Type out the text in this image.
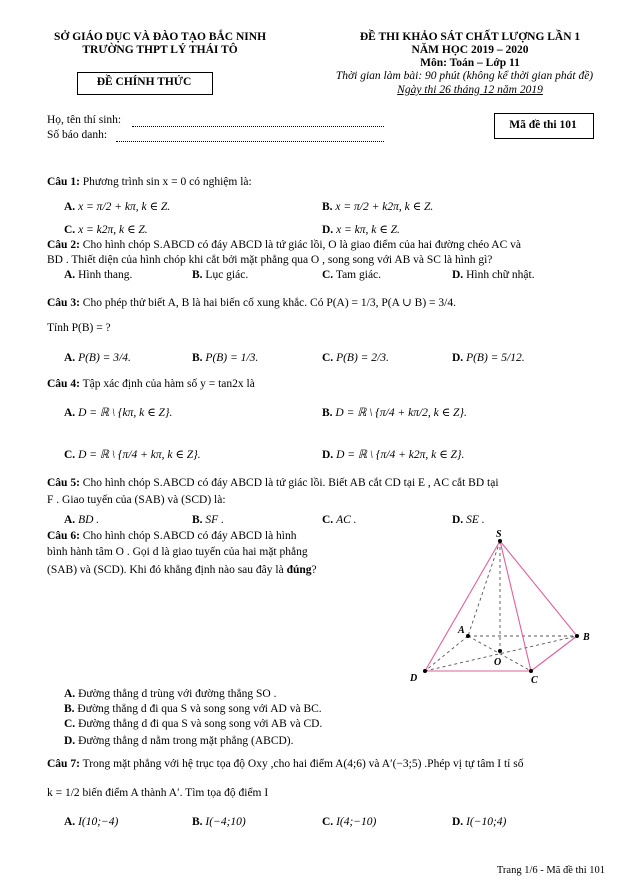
SỞ GIÁO DỤC VÀ ĐÀO TẠO BẮC NINH
TRƯỜNG THPT LÝ THÁI TÔ
ĐỀ CHÍNH THỨC
ĐỀ THI KHẢO SÁT CHẤT LƯỢNG LẦN 1
NĂM HỌC 2019 – 2020
Môn: Toán – Lớp 11
Thời gian làm bài: 90 phút (không kể thời gian phát đề)
Ngày thi 26 tháng 12 năm 2019
Họ, tên thí sinh:
Số báo danh:
Mã đề thi 101
Câu 1: Phương trình sin x = 0 có nghiệm là:
A. x = π/2 + kπ, k ∈ Z.	B. x = π/2 + k2π, k ∈ Z.
C. x = k2π, k ∈ Z.	D. x = kπ, k ∈ Z.
Câu 2: Cho hình chóp S.ABCD có đáy ABCD là tứ giác lồi, O là giao điểm của hai đường chéo AC và
BD . Thiết diện của hình chóp khi cắt bởi mặt phẳng qua O , song song với AB và SC là hình gì?
A. Hình thang.	B. Lục giác.	C. Tam giác.	D. Hình chữ nhật.
Câu 3: Cho phép thử biết A, B là hai biến cố xung khắc. Có P(A) = 1/3, P(A ∪ B) = 3/4.
Tính P(B) = ?
A. P(B) = 3/4.	B. P(B) = 1/3.	C. P(B) = 2/3.	D. P(B) = 5/12.
Câu 4: Tập xác định của hàm số y = tan2x là
A. D = ℝ \ {kπ, k ∈ Z}.	B. D = ℝ \ {π/4 + kπ/2, k ∈ Z}.
C. D = ℝ \ {π/4 + kπ, k ∈ Z}.	D. D = ℝ \ {π/4 + k2π, k ∈ Z}.
Câu 5: Cho hình chóp S.ABCD có đáy ABCD là tứ giác lồi. Biết AB cắt CD tại E , AC cắt BD tại
F . Giao tuyến của (SAB) và (SCD) là:
A. BD .	B. SF .	C. AC .	D. SE .
Câu 6: Cho hình chóp S.ABCD có đáy ABCD là hình
bình hành tâm O . Gọi d là giao tuyến của hai mặt phẳng
(SAB) và (SCD). Khi đó khẳng định nào sau đây là đúng?
S
A
B
C
D
O
A. Đường thẳng d trùng với đường thẳng SO .
B. Đường thẳng d đi qua S và song song với AD và BC.
C. Đường thẳng d đi qua S và song song với AB và CD.
D. Đường thẳng d nằm trong mặt phẳng (ABCD).
Câu 7: Trong mặt phẳng với hệ trục tọa độ Oxy ,cho hai điểm A(4;6) và A′(−3;5) .Phép vị tự tâm I tỉ số
k = 1/2 biến điểm A thành A′. Tìm tọa độ điểm I
A. I(10;−4)	B. I(−4;10)	C. I(4;−10)	D. I(−10;4)
Trang 1/6 - Mã đề thi 101
